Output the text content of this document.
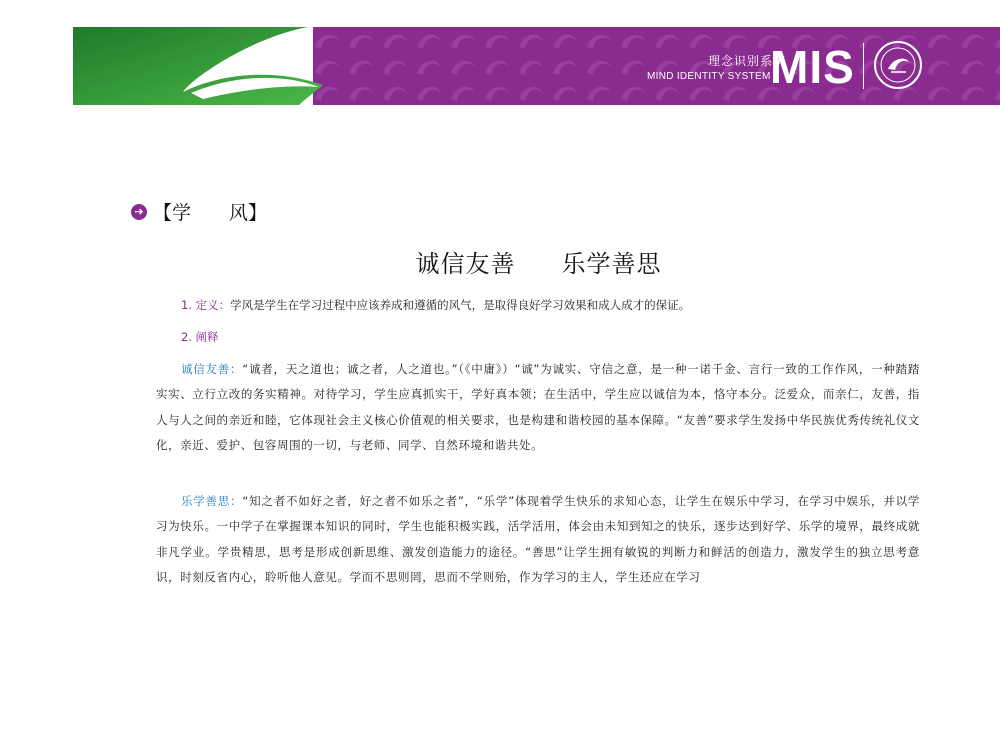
理念识别系统
MIND IDENTITY SYSTEM MIS
➔ 【学　　风】
诚信友善 乐学善思
1. 定义：学风是学生在学习过程中应该养成和遵循的风气，是取得良好学习效果和成人成才的保证。
2. 阐释

诚信友善：“诚者，天之道也；诚之者，人之道也。”（《中庸》）“诚”为诚实、守信之意，是一种一诺千金、言行一致的工作作风，一种踏踏实实、立行立改的务实精神。对待学习，学生应真抓实干，学好真本领；在生活中，学生应以诚信为本，恪守本分。泛爱众，而亲仁，友善，指人与人之间的亲近和睦，它体现社会主义核心价值观的相关要求，也是构建和谐校园的基本保障。“友善”要求学生发扬中华民族优秀传统礼仪文化，亲近、爱护、包容周围的一切，与老师、同学、自然环境和谐共处。

乐学善思：“知之者不如好之者，好之者不如乐之者”，“乐学”体现着学生快乐的求知心态，让学生在娱乐中学习，在学习中娱乐，并以学习为快乐。一中学子在掌握课本知识的同时，学生也能积极实践，活学活用，体会由未知到知之的快乐，逐步达到好学、乐学的境界，最终成就非凡学业。学贵精思，思考是形成创新思维、激发创造能力的途径。“善思”让学生拥有敏锐的判断力和鲜活的创造力，激发学生的独立思考意识，时刻反省内心，聆听他人意见。学而不思则罔，思而不学则殆，作为学习的主人，学生还应在学习
